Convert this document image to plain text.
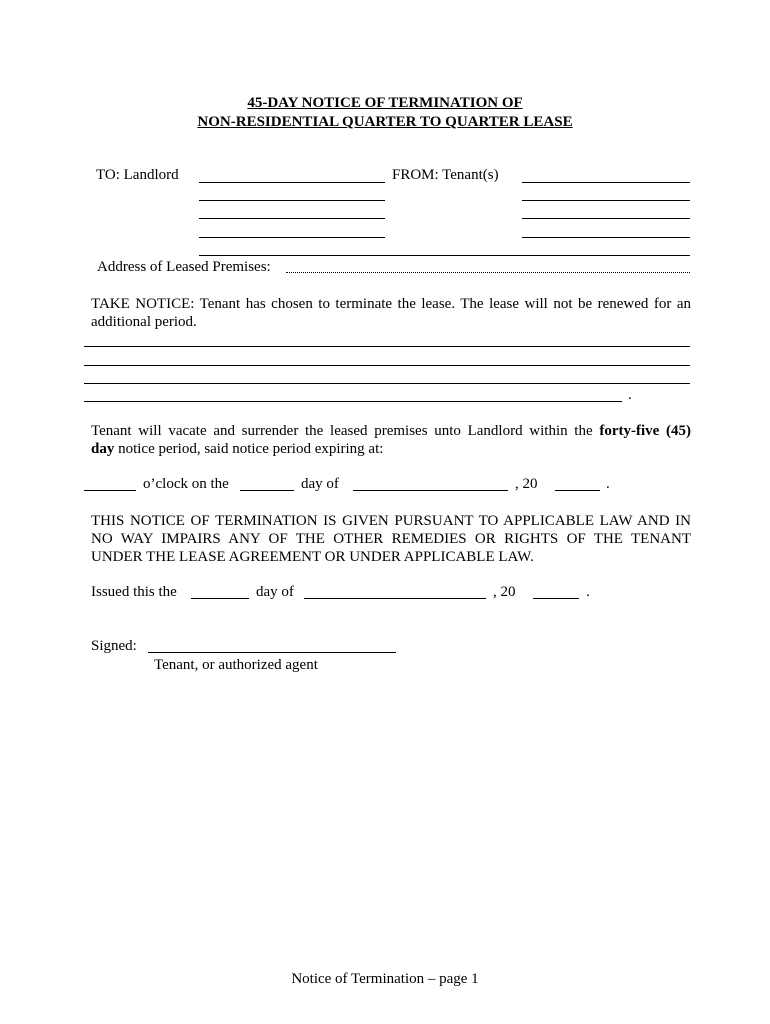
45-DAY NOTICE OF TERMINATION OF
NON-RESIDENTIAL QUARTER TO QUARTER LEASE
TO: Landlord	FROM: Tenant(s)
Address of Leased Premises:
TAKE NOTICE: Tenant has chosen to terminate the lease. The lease will not be renewed for an
additional period.
.
Tenant will vacate and surrender the leased premises unto Landlord within the forty-five (45)
day notice period, said notice period expiring at:
o’clock on the	day of	, 20	.
THIS NOTICE OF TERMINATION IS GIVEN PURSUANT TO APPLICABLE LAW AND IN
NO WAY IMPAIRS ANY OF THE OTHER REMEDIES OR RIGHTS OF THE TENANT
UNDER THE LEASE AGREEMENT OR UNDER APPLICABLE LAW.
Issued this the	day of	, 20	.
Signed:
Tenant, or authorized agent
Notice of Termination – page 1
